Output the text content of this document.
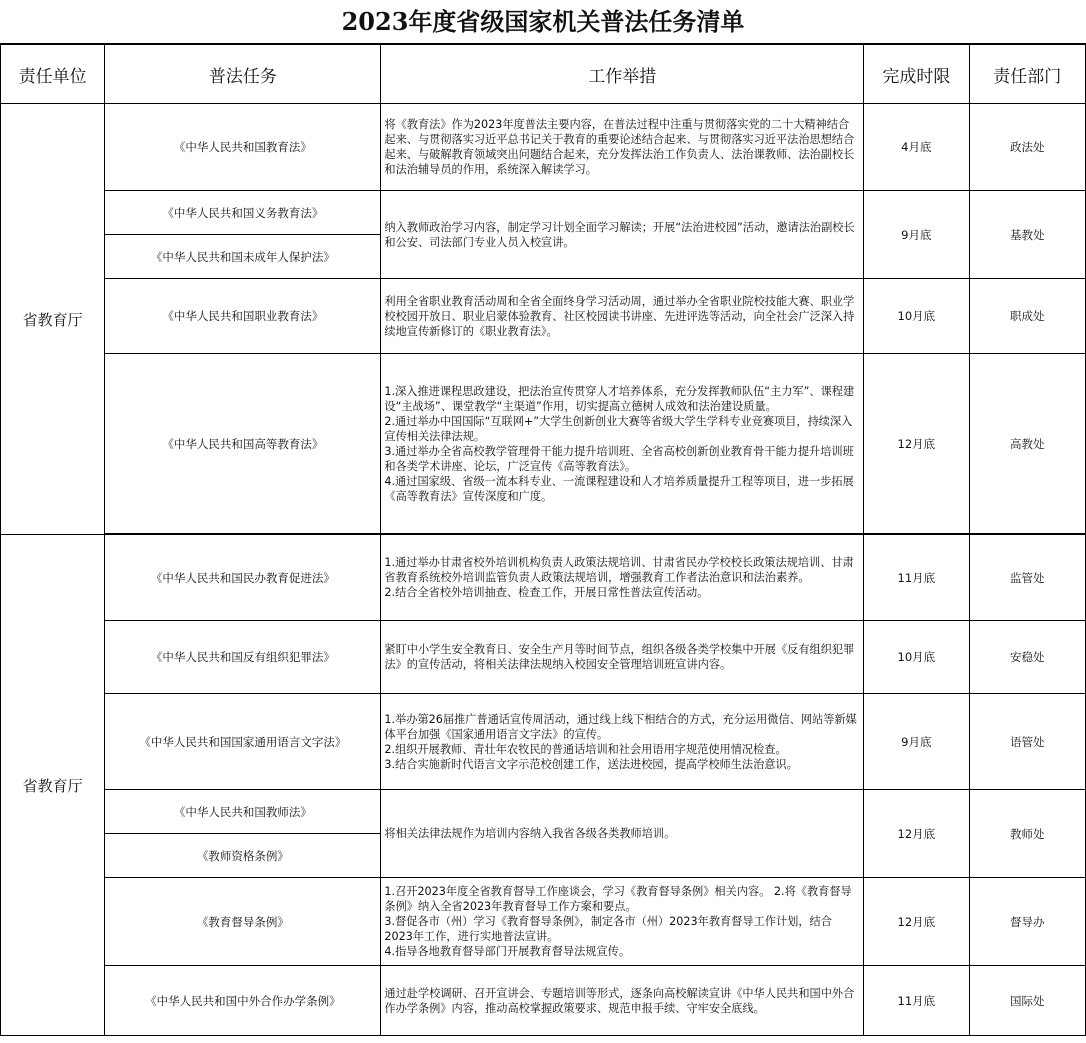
2023年度省级国家机关普法任务清单
责任单位	普法任务	工作举措	完成时限	责任部门
省教育厅	《中华人民共和国教育法》	将《教育法》作为2023年度普法主要内容，在普法过程中注重与贯彻落实党的二十大精神结合起来、与贯彻落实习近平总书记关于教育的重要论述结合起来、与贯彻落实习近平法治思想结合起来、与破解教育领域突出问题结合起来，充分发挥法治工作负责人、法治课教师、法治副校长和法治辅导员的作用，系统深入解读学习。	4月底	政法处
	《中华人民共和国义务教育法》	纳入教师政治学习内容，制定学习计划全面学习解读；开展“法治进校园”活动，邀请法治副校长和公安、司法部门专业人员入校宣讲。	9月底	基教处
	《中华人民共和国未成年人保护法》			
	《中华人民共和国职业教育法》	利用全省职业教育活动周和全省全面终身学习活动周，通过举办全省职业院校技能大赛、职业学校校园开放日、职业启蒙体验教育、社区校园读书讲座、先进评选等活动，向全社会广泛深入持续地宣传新修订的《职业教育法》。	10月底	职成处
	《中华人民共和国高等教育法》	1.深入推进课程思政建设，把法治宣传贯穿人才培养体系，充分发挥教师队伍“主力军”、课程建设“主战场”、课堂教学“主渠道”作用，切实提高立德树人成效和法治建设质量。
2.通过举办中国国际“互联网+”大学生创新创业大赛等省级大学生学科专业竞赛项目，持续深入宣传相关法律法规。
3.通过举办全省高校教学管理骨干能力提升培训班、全省高校创新创业教育骨干能力提升培训班和各类学术讲座、论坛，广泛宣传《高等教育法》。
4.通过国家级、省级一流本科专业、一流课程建设和人才培养质量提升工程等项目，进一步拓展《高等教育法》宣传深度和广度。	12月底	高教处

省教育厅	《中华人民共和国民办教育促进法》	1.通过举办甘肃省校外培训机构负责人政策法规培训、甘肃省民办学校校长政策法规培训、甘肃省教育系统校外培训监管负责人政策法规培训，增强教育工作者法治意识和法治素养。
2.结合全省校外培训抽查、检查工作，开展日常性普法宣传活动。	11月底	监管处
	《中华人民共和国反有组织犯罪法》	紧盯中小学生安全教育日、安全生产月等时间节点，组织各级各类学校集中开展《反有组织犯罪法》的宣传活动，将相关法律法规纳入校园安全管理培训班宣讲内容。	10月底	安稳处
	《中华人民共和国国家通用语言文字法》	1.举办第26届推广普通话宣传周活动，通过线上线下相结合的方式，充分运用微信、网站等新媒体平台加强《国家通用语言文字法》的宣传。
2.组织开展教师、青壮年农牧民的普通话培训和社会用语用字规范使用情况检查。
3.结合实施新时代语言文字示范校创建工作，送法进校园，提高学校师生法治意识。	9月底	语管处
	《中华人民共和国教师法》	将相关法律法规作为培训内容纳入我省各级各类教师培训。	12月底	教师处
	《教师资格条例》			
	《教育督导条例》	1.召开2023年度全省教育督导工作座谈会，学习《教育督导条例》相关内容。 2.将《教育督导条例》纳入全省2023年教育督导工作方案和要点。
3.督促各市（州）学习《教育督导条例》，制定各市（州）2023年教育督导工作计划，结合2023年工作，进行实地普法宣讲。
4.指导各地教育督导部门开展教育督导法规宣传。	12月底	督导办
	《中华人民共和国中外合作办学条例》	通过赴学校调研、召开宣讲会、专题培训等形式，逐条向高校解读宣讲《中华人民共和国中外合作办学条例》内容，推动高校掌握政策要求、规范申报手续、守牢安全底线。	11月底	国际处
